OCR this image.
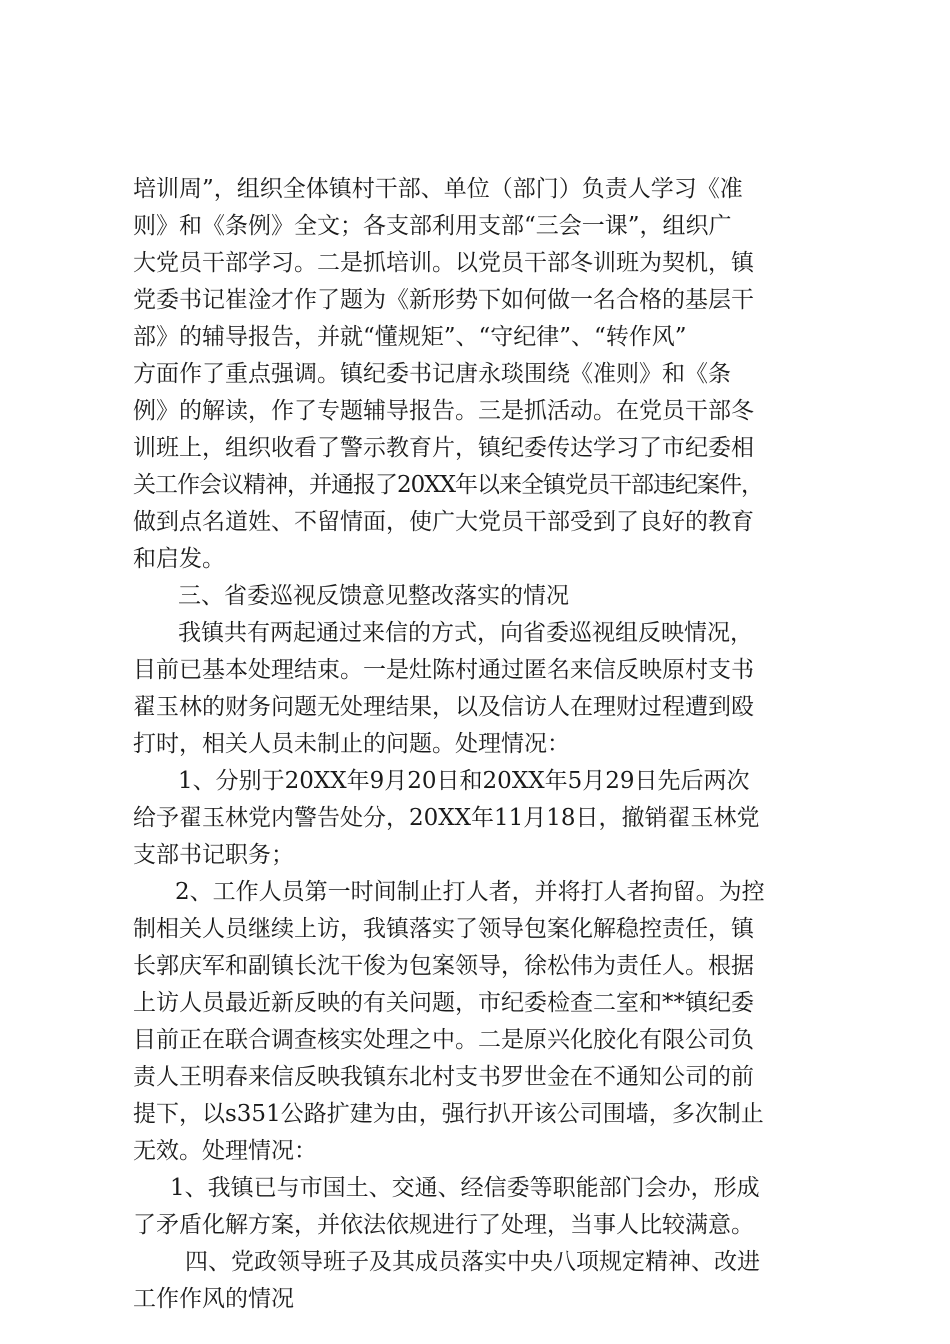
培训周”，组织全体镇村干部、单位（部门）负责人学习《准
则》和《条例》全文；各支部利用支部“三会一课”，组织广
大党员干部学习。二是抓培训。以党员干部冬训班为契机，镇
党委书记崔淦才作了题为《新形势下如何做一名合格的基层干
部》的辅导报告，并就“懂规矩”、“守纪律”、“转作风”
方面作了重点强调。镇纪委书记唐永琰围绕《准则》和《条
例》的解读，作了专题辅导报告。三是抓活动。在党员干部冬
训班上，组织收看了警示教育片，镇纪委传达学习了市纪委相
关工作会议精神，并通报了20XX年以来全镇党员干部违纪案件，
做到点名道姓、不留情面，使广大党员干部受到了良好的教育
和启发。
三、省委巡视反馈意见整改落实的情况
我镇共有两起通过来信的方式，向省委巡视组反映情况，
目前已基本处理结束。一是灶陈村通过匿名来信反映原村支书
翟玉林的财务问题无处理结果，以及信访人在理财过程遭到殴
打时，相关人员未制止的问题。处理情况：
1、分别于20XX年9月20日和20XX年5月29日先后两次
给予翟玉林党内警告处分，20XX年11月18日，撤销翟玉林党
支部书记职务；
2、工作人员第一时间制止打人者，并将打人者拘留。为控
制相关人员继续上访，我镇落实了领导包案化解稳控责任，镇
长郭庆军和副镇长沈干俊为包案领导，徐松伟为责任人。根据
上访人员最近新反映的有关问题，市纪委检查二室和**镇纪委
目前正在联合调查核实处理之中。二是原兴化胶化有限公司负
责人王明春来信反映我镇东北村支书罗世金在不通知公司的前
提下，以s351公路扩建为由，强行扒开该公司围墙，多次制止
无效。处理情况：
1、我镇已与市国土、交通、经信委等职能部门会办，形成
了矛盾化解方案，并依法依规进行了处理，当事人比较满意。
四、党政领导班子及其成员落实中央八项规定精神、改进
工作作风的情况
